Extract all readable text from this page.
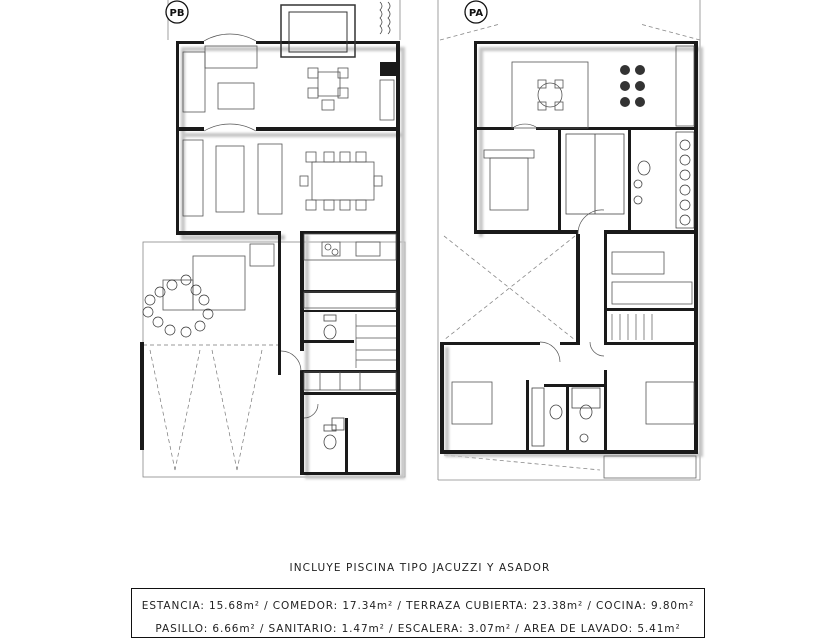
PB	PA
INCLUYE PISCINA TIPO JACUZZI Y ASADOR
ESTANCIA: 15.68m² / COMEDOR: 17.34m² / TERRAZA CUBIERTA: 23.38m² / COCINA: 9.80m²
PASILLO: 6.66m² / SANITARIO: 1.47m² / ESCALERA: 3.07m² / AREA DE LAVADO: 5.41m²
